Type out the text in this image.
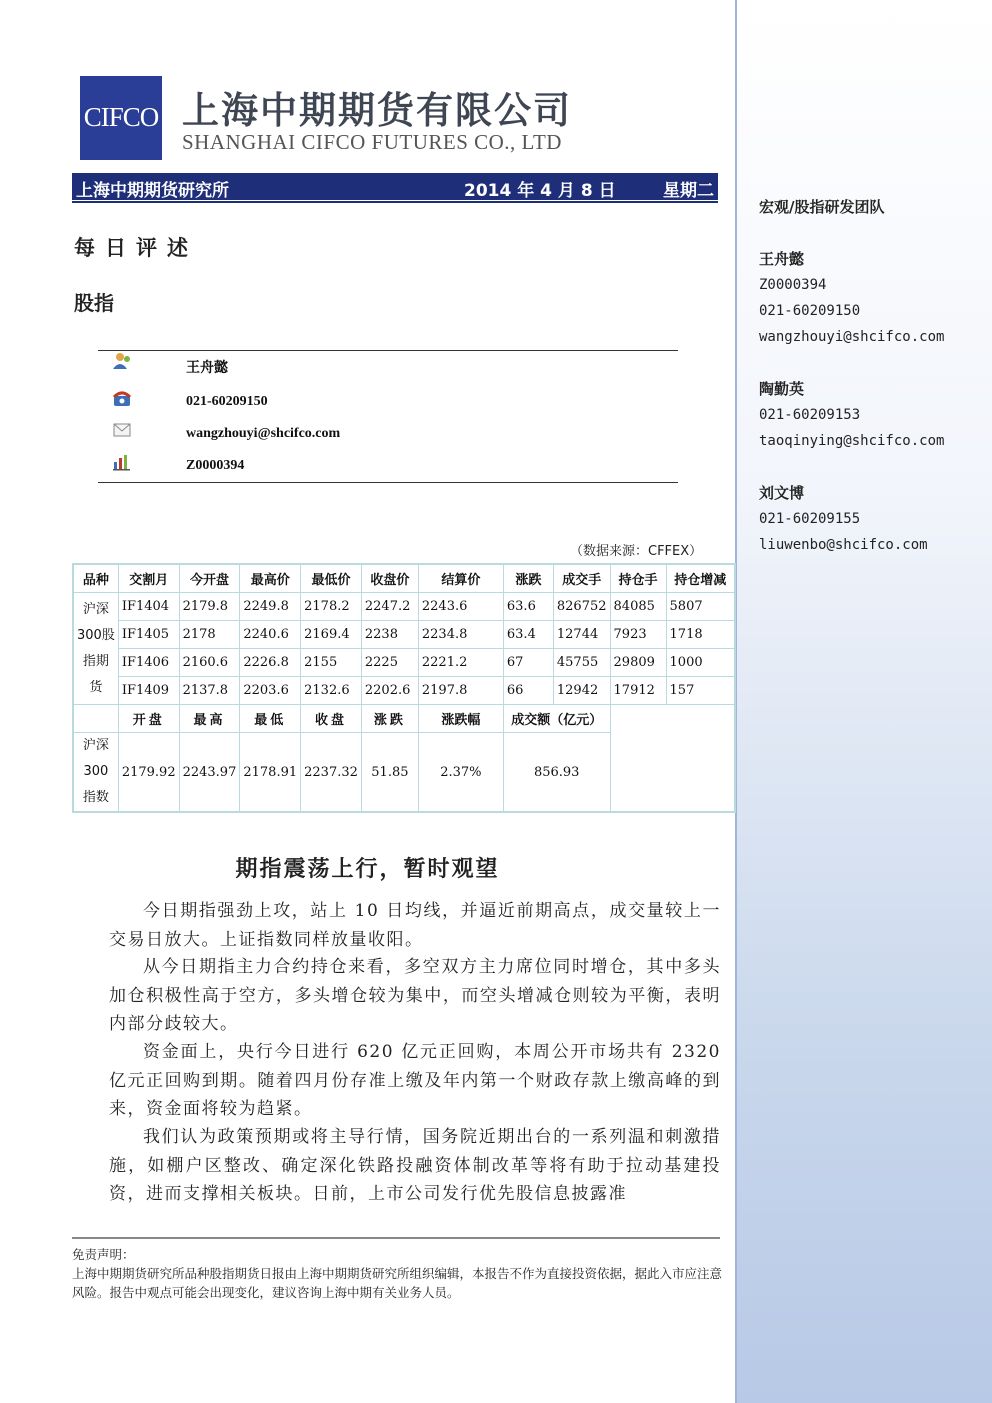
宏观/股指研发团队
王舟懿
Z0000394
021-60209150
wangzhouyi@shcifco.com
陶勤英
021-60209153
taoqinying@shcifco.com
刘文博
021-60209155
liuwenbo@shcifco.com
CIFCO 上海中期期货有限公司
SHANGHAI CIFCO FUTURES CO., LTD
上海中期期货研究所	2014 年 4 月 8 日	星期二
每日评述
股指
王舟懿
021-60209150
wangzhouyi@shcifco.com
Z0000394
（数据来源：CFFEX）
品种	交割月	今开盘	最高价	最低价	收盘价	结算价	涨跌	成交手	持仓手	持仓增减

沪深
300股
指期
货	IF1404	2179.8	2249.8	2178.2	2247.2	2243.6	63.6	826752	84085	5807
	IF1405	2178	2240.6	2169.4	2238	2234.8	63.4	12744	7923	1718
	IF1406	2160.6	2226.8	2155	2225	2221.2	67	45755	29809	1000
	IF1409	2137.8	2203.6	2132.6	2202.6	2197.8	66	12942	17912	157
	开盘	最高	最低	收盘	涨跌	涨跌幅	成交额（亿元）			

沪深
300
指数	2179.92	2243.97	2178.91	2237.32	51.85	2.37%	856.93			
期指震荡上行，暂时观望
今日期指强劲上攻，站上 10 日均线，并逼近前期高点，成交量较上一交易日放大。上证指数同样放量收阳。
从今日期指主力合约持仓来看，多空双方主力席位同时增仓，其中多头加仓积极性高于空方，多头增仓较为集中，而空头增减仓则较为平衡，表明内部分歧较大。
资金面上，央行今日进行 620 亿元正回购，本周公开市场共有 2320 亿元正回购到期。随着四月份存准上缴及年内第一个财政存款上缴高峰的到来，资金面将较为趋紧。
我们认为政策预期或将主导行情，国务院近期出台的一系列温和刺激措施，如棚户区整改、确定深化铁路投融资体制改革等将有助于拉动基建投资，进而支撑相关板块。日前，上市公司发行优先股信息披露准
免责声明：
上海中期期货研究所品种股指期货日报由上海中期期货研究所组织编辑，本报告不作为直接投资依据，据此入市应注意风险。报告中观点可能会出现变化，建议咨询上海中期有关业务人员。
